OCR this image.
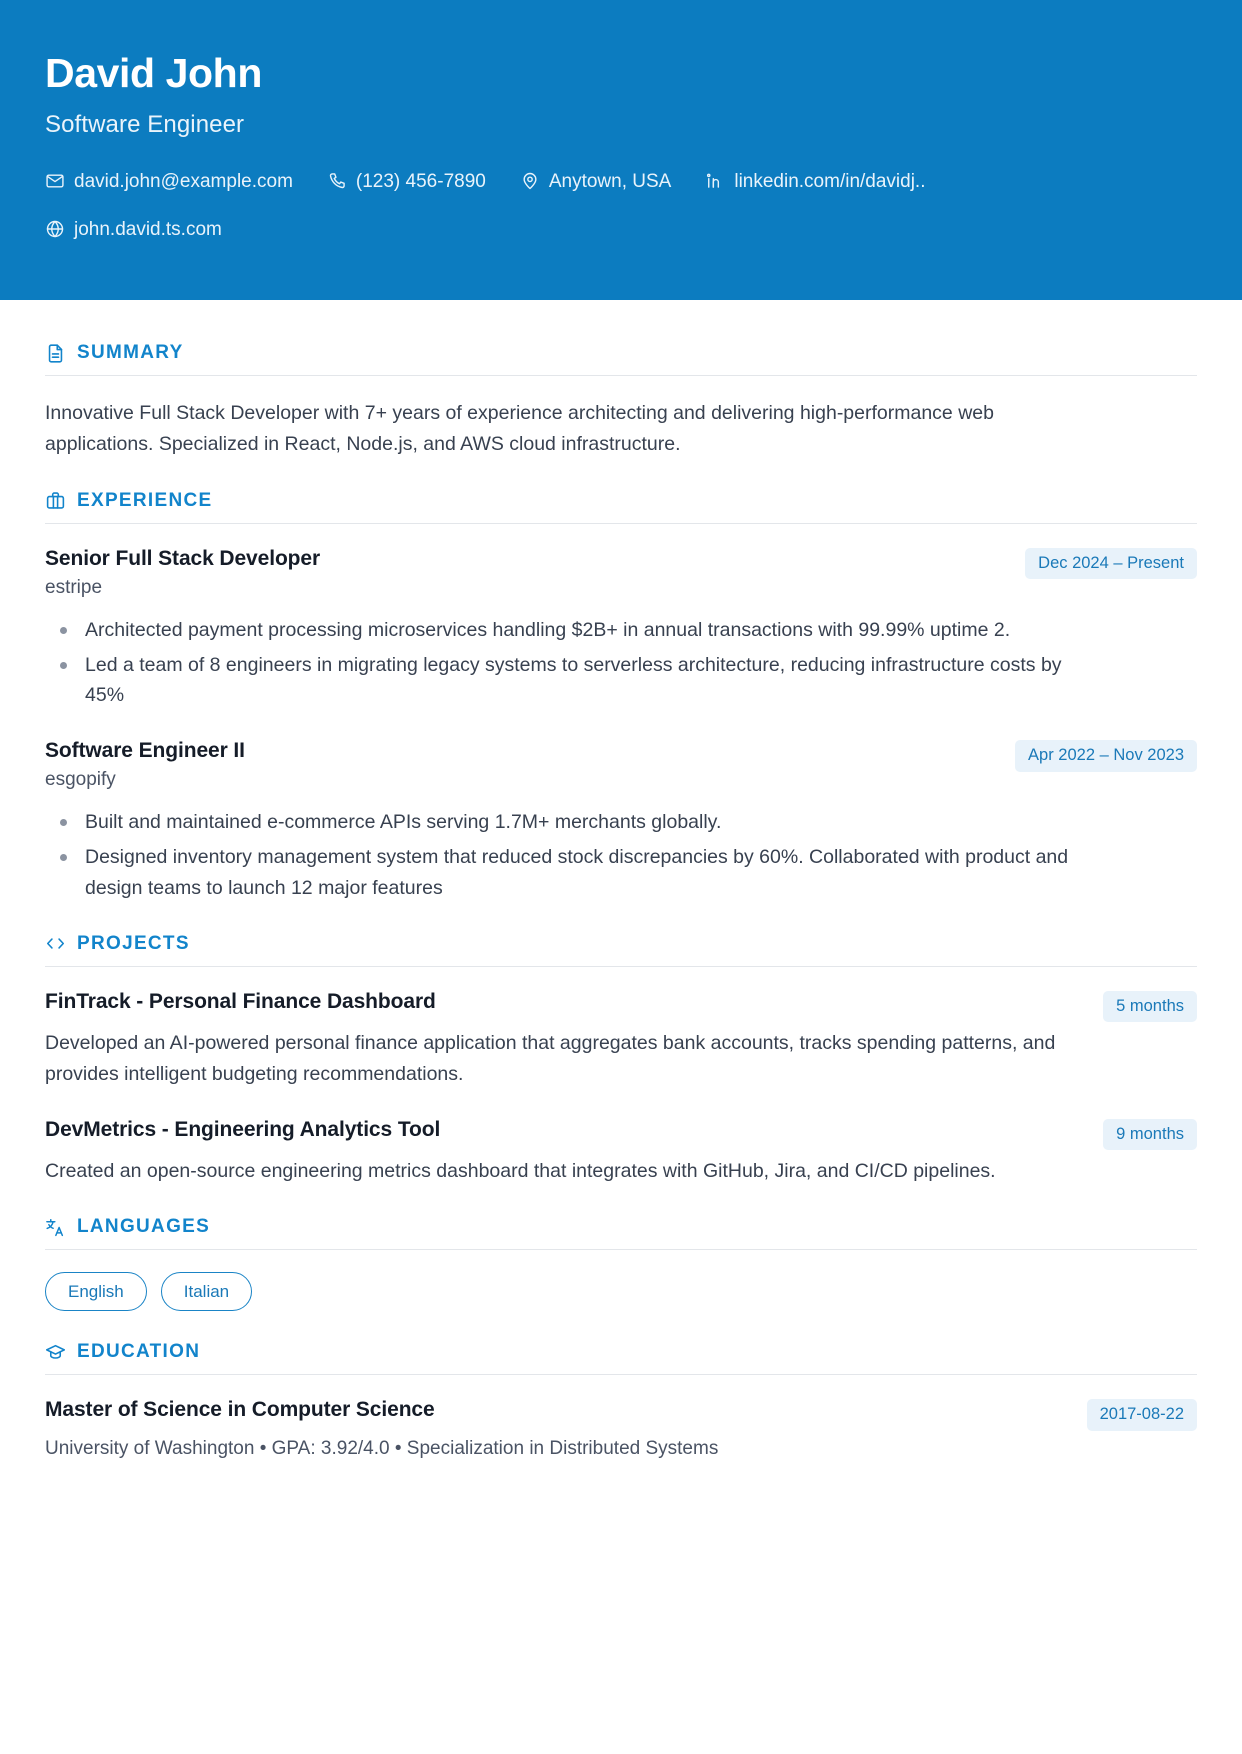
David John
Software Engineer
david.john@example.com	(123) 456-7890	Anytown, USA	linkedin.com/in/davidj..
john.david.ts.com
SUMMARY
Innovative Full Stack Developer with 7+ years of experience architecting and delivering high-performance web applications. Specialized in React, Node.js, and AWS cloud infrastructure.
EXPERIENCE
Senior Full Stack Developer
estripe
Dec 2024 – Present
Architected payment processing microservices handling $2B+ in annual transactions with 99.99% uptime 2.
Led a team of 8 engineers in migrating legacy systems to serverless architecture, reducing infrastructure costs by 45%
Software Engineer II
esgopify
Apr 2022 – Nov 2023
Built and maintained e-commerce APIs serving 1.7M+ merchants globally.
Designed inventory management system that reduced stock discrepancies by 60%. Collaborated with product and design teams to launch 12 major features
PROJECTS
FinTrack - Personal Finance Dashboard	5 months
Developed an AI-powered personal finance application that aggregates bank accounts, tracks spending patterns, and provides intelligent budgeting recommendations.
DevMetrics - Engineering Analytics Tool	9 months
Created an open-source engineering metrics dashboard that integrates with GitHub, Jira, and CI/CD pipelines.
LANGUAGES
English	Italian
EDUCATION
Master of Science in Computer Science	2017-08-22
University of Washington • GPA: 3.92/4.0 • Specialization in Distributed Systems
